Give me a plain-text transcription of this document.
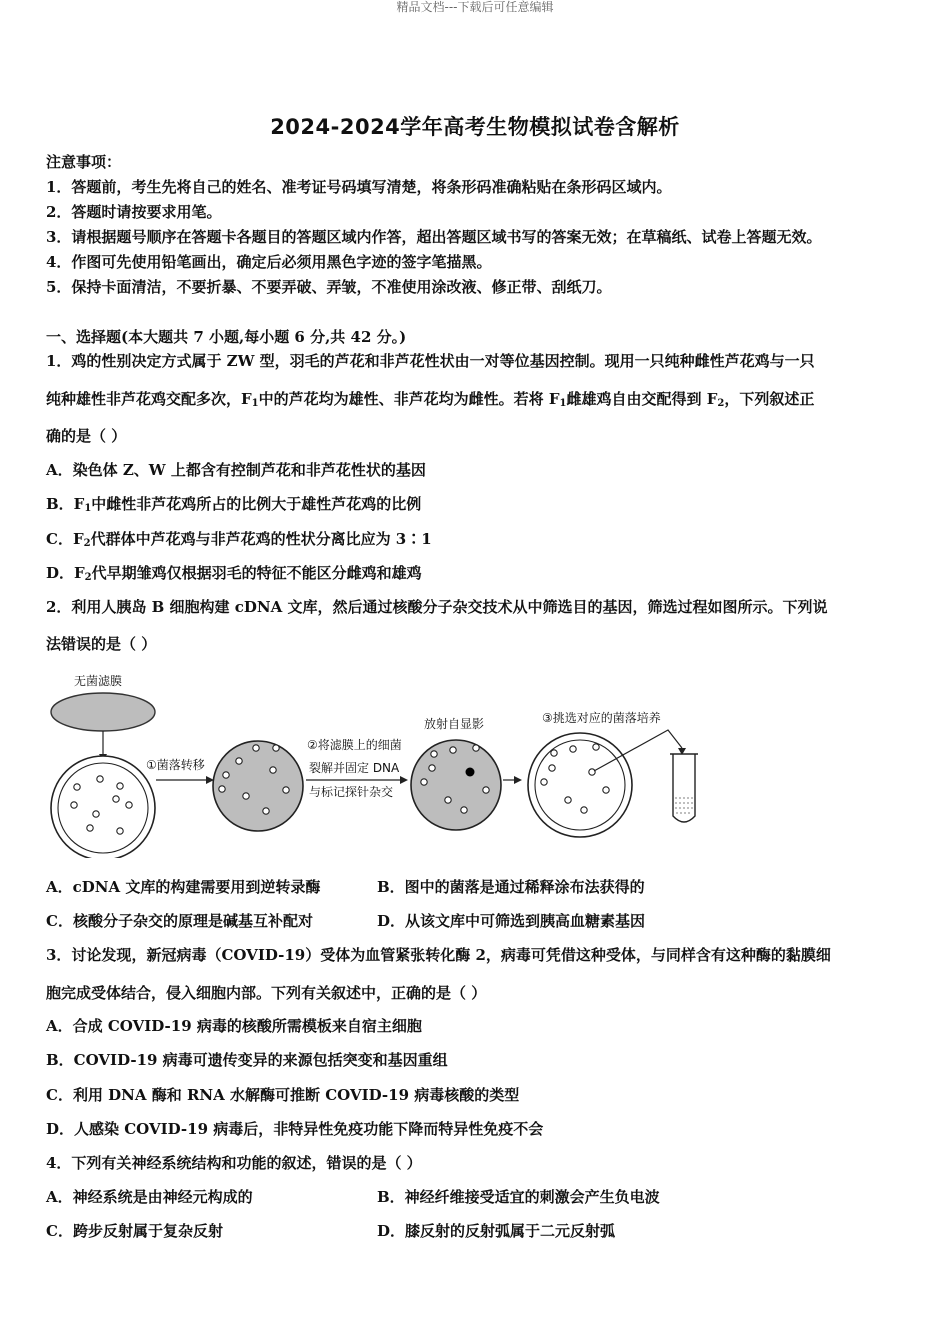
精品文档---下载后可任意编辑
2024-2024学年高考生物模拟试卷含解析
注意事项：
1．答题前，考生先将自己的姓名、准考证号码填写清楚，将条形码准确粘贴在条形码区域内。
2．答题时请按要求用笔。
3．请根据题号顺序在答题卡各题目的答题区域内作答，超出答题区域书写的答案无效；在草稿纸、试卷上答题无效。
4．作图可先使用铅笔画出，确定后必须用黑色字迹的签字笔描黑。
5．保持卡面清洁，不要折暴、不要弄破、弄皱，不准使用涂改液、修正带、刮纸刀。
一、选择题(本大题共 7 小题,每小题 6 分,共 42 分。)
1．鸡的性别决定方式属于 ZW 型，羽毛的芦花和非芦花性状由一对等位基因控制。现用一只纯种雌性芦花鸡与一只
纯种雄性非芦花鸡交配多次，$F_1$中的芦花均为雄性、非芦花均为雌性。若将 $F_1$雌雄鸡自由交配得到 $F_2$，下列叙述正
确的是（ ）
A．染色体 Z、W 上都含有控制芦花和非芦花性状的基因
B．$F_1$中雌性非芦花鸡所占的比例大于雄性芦花鸡的比例
C．$F_2$代群体中芦花鸡与非芦花鸡的性状分离比应为 3∶1
D．$F_2$代早期雏鸡仅根据羽毛的特征不能区分雌鸡和雄鸡
2．利用人胰岛 B 细胞构建 cDNA 文库，然后通过核酸分子杂交技术从中筛选目的基因，筛选过程如图所示。下列说
法错误的是（ ）
无菌滤膜
①菌落转移
②将滤膜上的细菌
裂解并固定 DNA
与标记探针杂交
放射自显影	③挑选对应的菌落培养
A．cDNA 文库的构建需要用到逆转录酶	B．图中的菌落是通过稀释涂布法获得的
C．核酸分子杂交的原理是碱基互补配对	D．从该文库中可筛选到胰高血糖素基因
3．讨论发现，新冠病毒（COVID-19）受体为血管紧张转化酶 2，病毒可凭借这种受体，与同样含有这种酶的黏膜细
胞完成受体结合，侵入细胞内部。下列有关叙述中，正确的是（ ）
A．合成 COVID-19 病毒的核酸所需模板来自宿主细胞
B．COVID-19 病毒可遗传变异的来源包括突变和基因重组
C．利用 DNA 酶和 RNA 水解酶可推断 COVID-19 病毒核酸的类型
D．人感染 COVID-19 病毒后，非特异性免疫功能下降而特异性免疫不会
4．下列有关神经系统结构和功能的叙述，错误的是（ ）
A．神经系统是由神经元构成的	B．神经纤维接受适宜的刺激会产生负电波
C．跨步反射属于复杂反射	D．膝反射的反射弧属于二元反射弧
